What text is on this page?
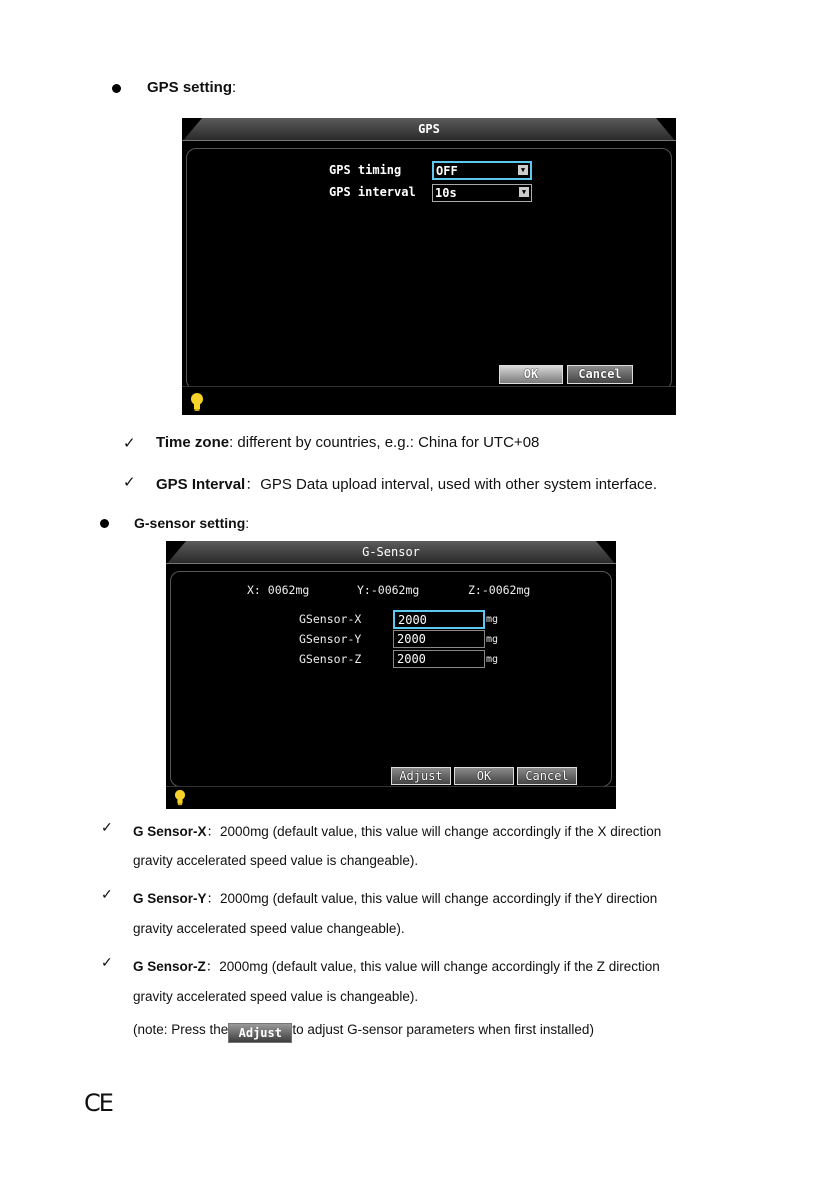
GPS setting:
GPS
GPS timing	OFF	▼
GPS interval 10s	▼
OK	Cancel
✓ Time zone: different by countries, e.g.: China for UTC+08
✓ GPS Interval：GPS Data upload interval, used with other system interface.
G-sensor setting:
G-Sensor
X: 0062mg	Y:-0062mg	Z:-0062mg
GSensor-X	2000	mg
GSensor-Y	2000	mg
GSensor-Z	2000	mg
Adjust	OK	Cancel
✓ G Sensor-X：2000mg (default value, this value will change accordingly if the X direction
gravity accelerated speed value is changeable).
✓ G Sensor-Y：2000mg (default value, this value will change accordingly if theY direction
gravity accelerated speed value changeable).
✓ G Sensor-Z：2000mg (default value, this value will change accordingly if the Z direction
gravity accelerated speed value is changeable).
(note: Press the Adjust to adjust G-sensor parameters when first installed)
CE
